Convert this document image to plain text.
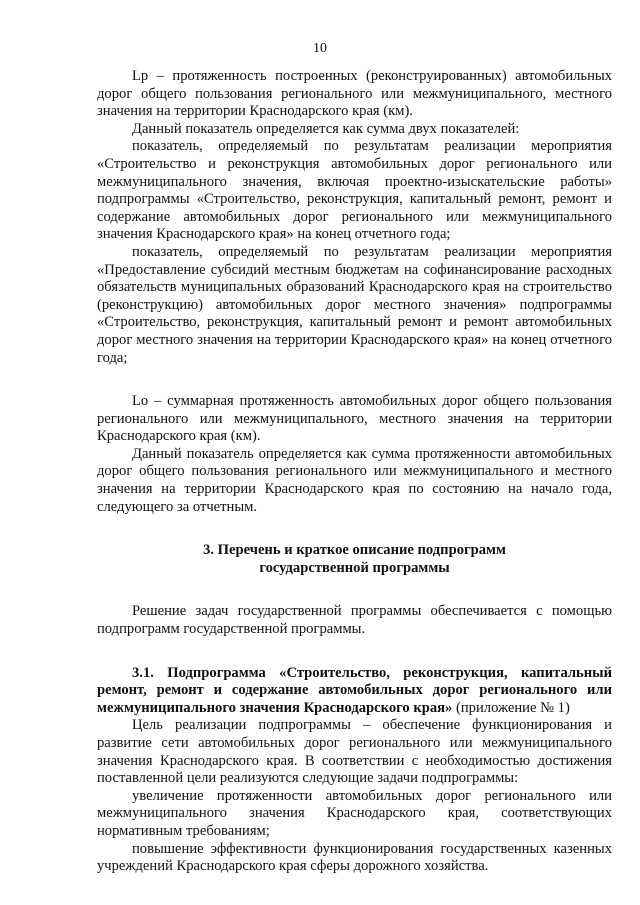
10

Lp – протяженность построенных (реконструированных) автомобильных дорог общего пользования регионального или межмуниципального, местного значения на территории Краснодарского края (км).

Данный показатель определяется как сумма двух показателей:

показатель, определяемый по результатам реализации мероприятия «Строительство и реконструкция автомобильных дорог регионального или межмуниципального значения, включая проектно-изыскательские работы» подпрограммы «Строительство, реконструкция, капитальный ремонт, ремонт и содержание автомобильных дорог регионального или межмуниципального значения Краснодарского края» на конец отчетного года;

показатель, определяемый по результатам реализации мероприятия «Предоставление субсидий местным бюджетам на софинансирование расходных обязательств муниципальных образований Краснодарского края на строительство (реконструкцию) автомобильных дорог местного значения» подпрограммы «Строительство, реконструкция, капитальный ремонт и ремонт автомобильных дорог местного значения на территории Краснодарского края» на конец отчетного года;

Lo – суммарная протяженность автомобильных дорог общего пользования регионального или межмуниципального, местного значения на территории Краснодарского края (км).

Данный показатель определяется как сумма протяженности автомобильных дорог общего пользования регионального или межмуниципального и местного значения на территории Краснодарского края по состоянию на начало года, следующего за отчетным.

3. Перечень и краткое описание подпрограмм
государственной программы

Решение задач государственной программы обеспечивается с помощью подпрограмм государственной программы.

3.1. Подпрограмма «Строительство, реконструкция, капитальный ремонт, ремонт и содержание автомобильных дорог регионального или межмуниципального значения Краснодарского края» (приложение № 1)

Цель реализации подпрограммы – обеспечение функционирования и развитие сети автомобильных дорог регионального или межмуниципального значения Краснодарского края. В соответствии с необходимостью достижения поставленной цели реализуются следующие задачи подпрограммы:

увеличение протяженности автомобильных дорог регионального или межмуниципального значения Краснодарского края, соответствующих нормативным требованиям;

повышение эффективности функционирования государственных казенных учреждений Краснодарского края сферы дорожного хозяйства.
